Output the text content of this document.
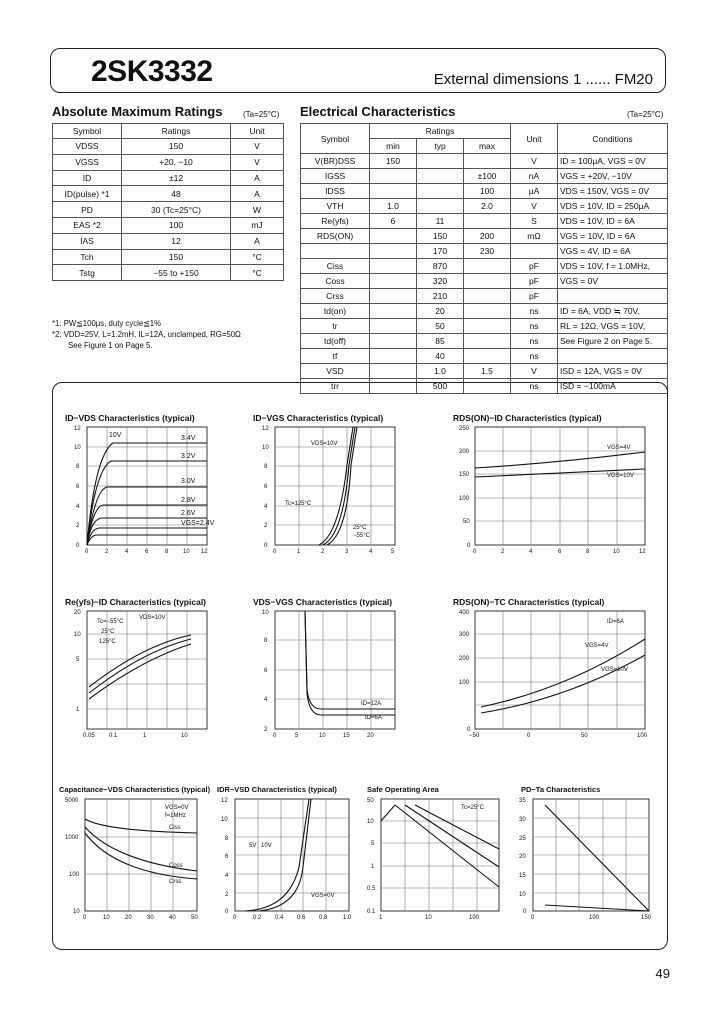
2SK3332	External dimensions 1 ...... FM20
Absolute Maximum Ratings	(Ta=25°C)
Symbol	Ratings	Unit
VDSS	150	V
VGSS	+20, −10	V
ID	±12	A
ID(pulse) *1	48	A
PD	30 (Tc=25°C)	W
EAS *2	100	mJ
IAS	12	A
Tch	150	°C
Tstg	−55 to +150	°C
*1: PW≦100μs, duty cycle≦1%
*2: VDD=25V, L=1.2mH, IL=12A, unclamped, RG=50Ω
See Figure 1 on Page 5.
Electrical Characteristics	(Ta=25°C)
Symbol	Ratings			Unit	Conditions
	min	typ	max		
V(BR)DSS	150			V	ID = 100μA, VGS = 0V
IGSS			±100	nA	VGS = +20V, −10V
IDSS			100	μA	VDS = 150V, VGS = 0V
VTH	1.0		2.0	V	VDS = 10V, ID = 250μA
Re(yfs)	6	11		S	VDS = 10V, ID = 6A
RDS(ON)		150	200	mΩ	VGS = 10V, ID = 6A
		170	230		VGS = 4V, ID = 6A
Ciss		870		pF	VDS = 10V, f = 1.0MHz,
Coss		320		pF	VGS = 0V
Crss		210		pF	
td(on)		20		ns	ID = 6A, VDD ≒ 70V,
tr		50		ns	RL = 12Ω, VGS = 10V,
td(off)		85		ns	See Figure 2 on Page 5.
tf		40		ns	
VSD		1.0	1.5	V	ISD = 12A, VGS = 0V
trr		500		ns	ISD = −100mA
ID−VDS Characteristics (typical)
3.4V
3.2V
3.0V
2.8V
2.6V
VGS=2.4V
10V
12
10
8
6
4
2
0
0	2	4	6	8 10 12
ID−VGS Characteristics (typical)
VDS=10V
Tc=125°C
25°C
−55°C
12
10
8
6
4
2
0
0	1	2	3	4	5
RDS(ON)−ID Characteristics (typical)
VGS=4V
VGS=10V
250
200
150
100
50
0
0	2	4	6	8	10	12
Re(yfs)−ID Characteristics (typical)
VDS=10V
Tc=−55°C
25°C
125°C
20
10
5
1
0.05 0.1	1	10
VDS−VGS Characteristics (typical)
ID=12A
ID=6A
10
8
6
4
2
0	5	10	15	20
RDS(ON)−TC Characteristics (typical)
ID=6A
VGS=4V
VGS=10V
400
300
200
100
0
−50	0	50	100
Capacitance−VDS Characteristics (typical)
VGS=0V
f=1MHz
Ciss
Coss
Crss
5000
1000
100
10
0	10	20	30	40	50
IDR−VSD Characteristics (typical)
5V 10V
VGS=0V
12
10
8
6
4
2
0
0	0.2 0.4 0.6 0.8	1.0
Safe Operating Area
Tc=25°C
50
10
5
1
0.5
0.1
1	10	100
PD−Ta Characteristics
35
30
25
20
15
10
0
0	100	150
49
